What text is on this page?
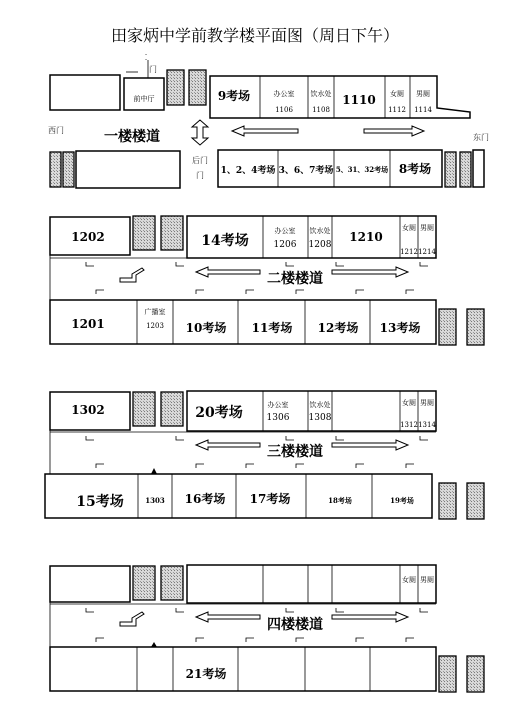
田家炳中学前教学楼平面图（周日下午）
⁚
门
前中厅	9考场	办公室
1106
饮水处
1108
1110 女厕
1112
男厕
1114
西门	一楼楼道	东门
后门
门 1、2、4考场 3、6、7考场 5、31、32考场 8考场
1202	14考场
办公室
1206
饮水处
1208
1210
女厕
1212
男厕
1214
二楼楼道
1201
广播室
1203 10考场 11考场 12考场 13考场
1302	20考场	办公室
1306
饮水处
1308
女厕
1312
男厕
1314
三楼楼道
15考场	1303 16考场 17考场	18考场	19考场
女厕 男厕
四楼楼道
21考场
